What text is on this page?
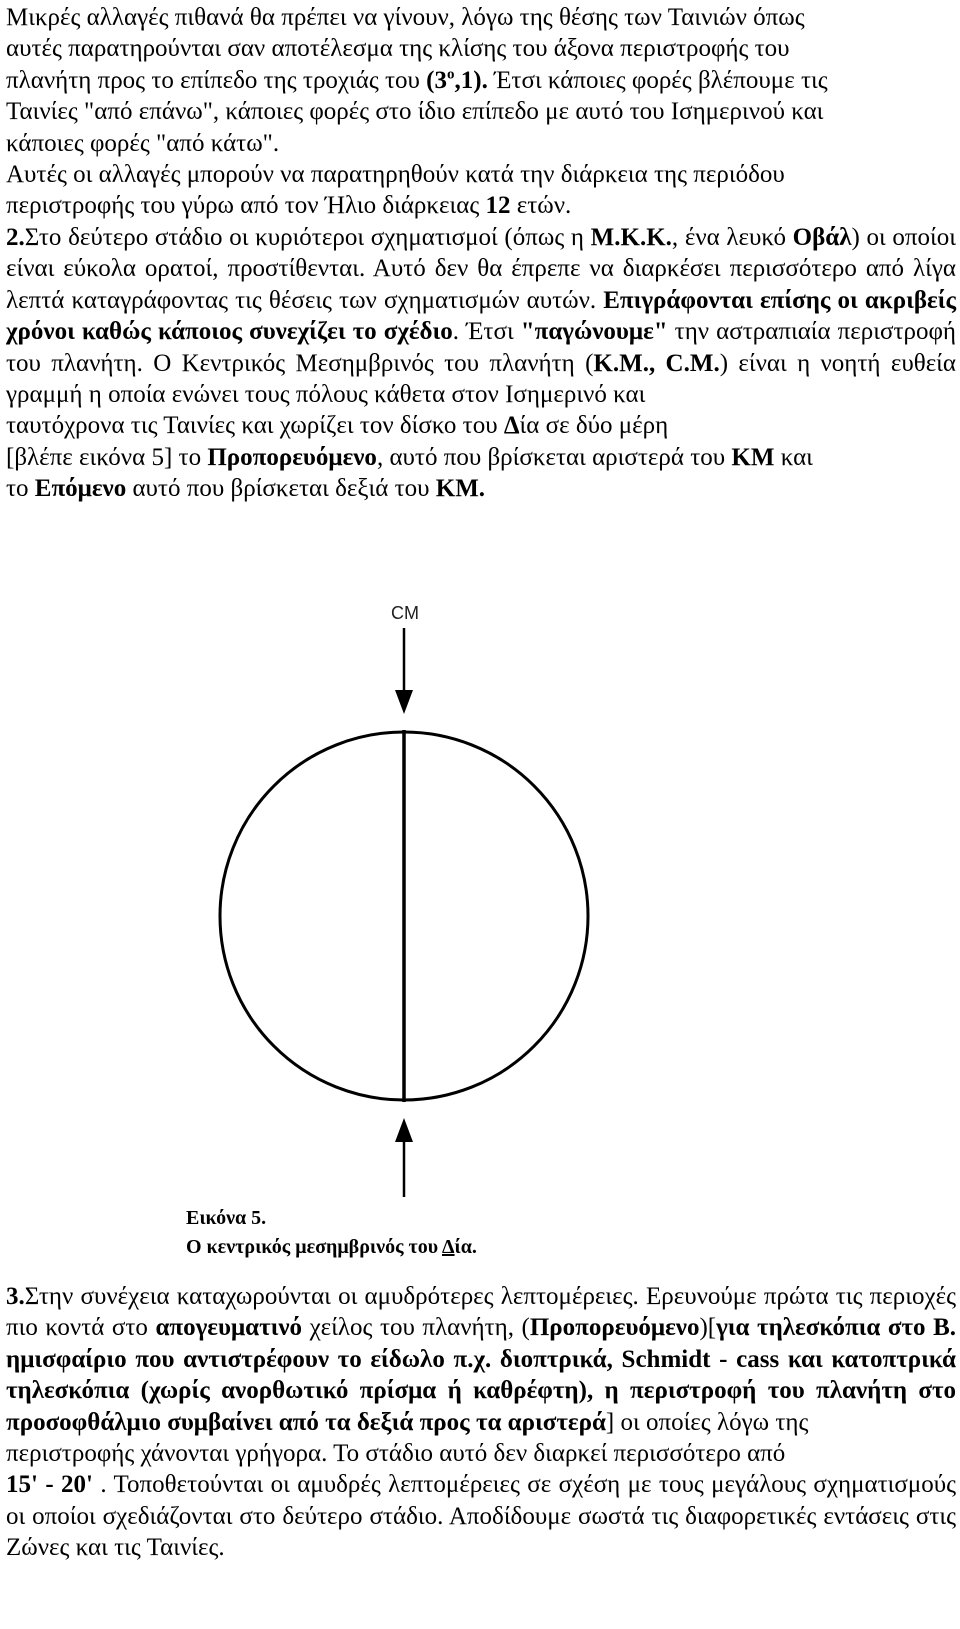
Μικρές αλλαγές πιθανά θα πρέπει να γίνουν, λόγω της θέσης των Ταινιών όπως

αυτές παρατηρούνται σαν αποτέλεσμα της κλίσης του άξονα περιστροφής του

πλανήτη προς το επίπεδο της τροχιάς του $(3^o,1)$. Έτσι κάποιες φορές βλέπουμε τις

Ταινίες "από επάνω", κάποιες φορές στο ίδιο επίπεδο με αυτό του Ισημερινού και

κάποιες φορές "από κάτω".

Αυτές οι αλλαγές μπορούν να παρατηρηθούν κατά την διάρκεια της περιόδου

περιστροφής του γύρω από τον Ήλιο διάρκειας 12 ετών.

2.Στο δεύτερο στάδιο οι κυριότεροι σχηματισμοί (όπως η Μ.Κ.Κ., ένα λευκό Οβάλ) οι οποίοι είναι εύκολα ορατοί, προστίθενται. Αυτό δεν θα έπρεπε να διαρκέσει περισσότερο από λίγα λεπτά καταγράφοντας τις θέσεις των σχηματισμών αυτών. Επιγράφονται επίσης οι ακριβείς χρόνοι καθώς κάποιος συνεχίζει το σχέδιο. Έτσι "παγώνουμε" την αστραπιαία περιστροφή του πλανήτη. Ο Κεντρικός Μεσημβρινός του πλανήτη (Κ.Μ., C.M.) είναι η νοητή ευθεία γραμμή η οποία ενώνει τους πόλους κάθετα στον Ισημερινό και

ταυτόχρονα τις Ταινίες και χωρίζει τον δίσκο του Δία σε δύο μέρη

[βλέπε εικόνα 5] το Προπορευόμενο, αυτό που βρίσκεται αριστερά του ΚΜ και

το Επόμενο αυτό που βρίσκεται δεξιά του ΚΜ.

CM
Εικόνα 5.
Ο κεντρικός μεσημβρινός του Δία.

3.Στην συνέχεια καταχωρούνται οι αμυδρότερες λεπτομέρειες. Ερευνούμε πρώτα τις περιοχές πιο κοντά στο απογευματινό χείλος του πλανήτη, (Προπορευόμενο)[για τηλεσκόπια στο Β. ημισφαίριο που αντιστρέφουν το είδωλο π.χ. διοπτρικά, Schmidt - cass και κατοπτρικά τηλεσκόπια (χωρίς ανορθωτικό πρίσμα ή καθρέφτη), η περιστροφή του πλανήτη στο προσοφθάλμιο συμβαίνει από τα δεξιά προς τα αριστερά] οι οποίες λόγω της

περιστροφής χάνονται γρήγορα. Το στάδιο αυτό δεν διαρκεί περισσότερο από

15' - 20' . Τοποθετούνται οι αμυδρές λεπτομέρειες σε σχέση με τους μεγάλους σχηματισμούς οι οποίοι σχεδιάζονται στο δεύτερο στάδιο. Αποδίδουμε σωστά τις διαφορετικές εντάσεις στις Ζώνες και τις Ταινίες.
